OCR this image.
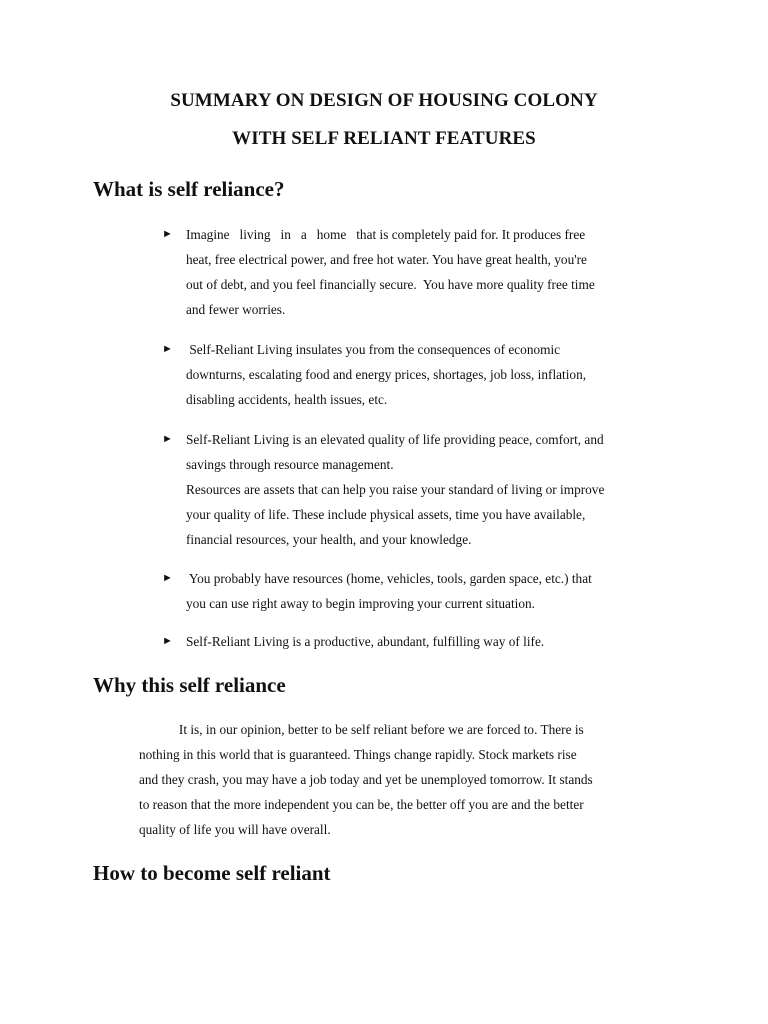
SUMMARY ON DESIGN OF HOUSING COLONY
WITH SELF RELIANT FEATURES
What is self reliance?
► Imagine   living   in   a   home   that is completely paid for. It produces free
heat, free electrical power, and free hot water. You have great health, you're
out of debt, and you feel financially secure.  You have more quality free time
and fewer worries.
► Self-Reliant Living insulates you from the consequences of economic
downturns, escalating food and energy prices, shortages, job loss, inflation,
disabling accidents, health issues, etc.
► Self-Reliant Living is an elevated quality of life providing peace, comfort, and
savings through resource management.
Resources are assets that can help you raise your standard of living or improve
your quality of life. These include physical assets, time you have available,
financial resources, your health, and your knowledge.
► You probably have resources (home, vehicles, tools, garden space, etc.) that
you can use right away to begin improving your current situation.
► Self-Reliant Living is a productive, abundant, fulfilling way of life.
Why this self reliance
It is, in our opinion, better to be self reliant before we are forced to. There is
nothing in this world that is guaranteed. Things change rapidly. Stock markets rise
and they crash, you may have a job today and yet be unemployed tomorrow. It stands
to reason that the more independent you can be, the better off you are and the better
quality of life you will have overall.
How to become self reliant
